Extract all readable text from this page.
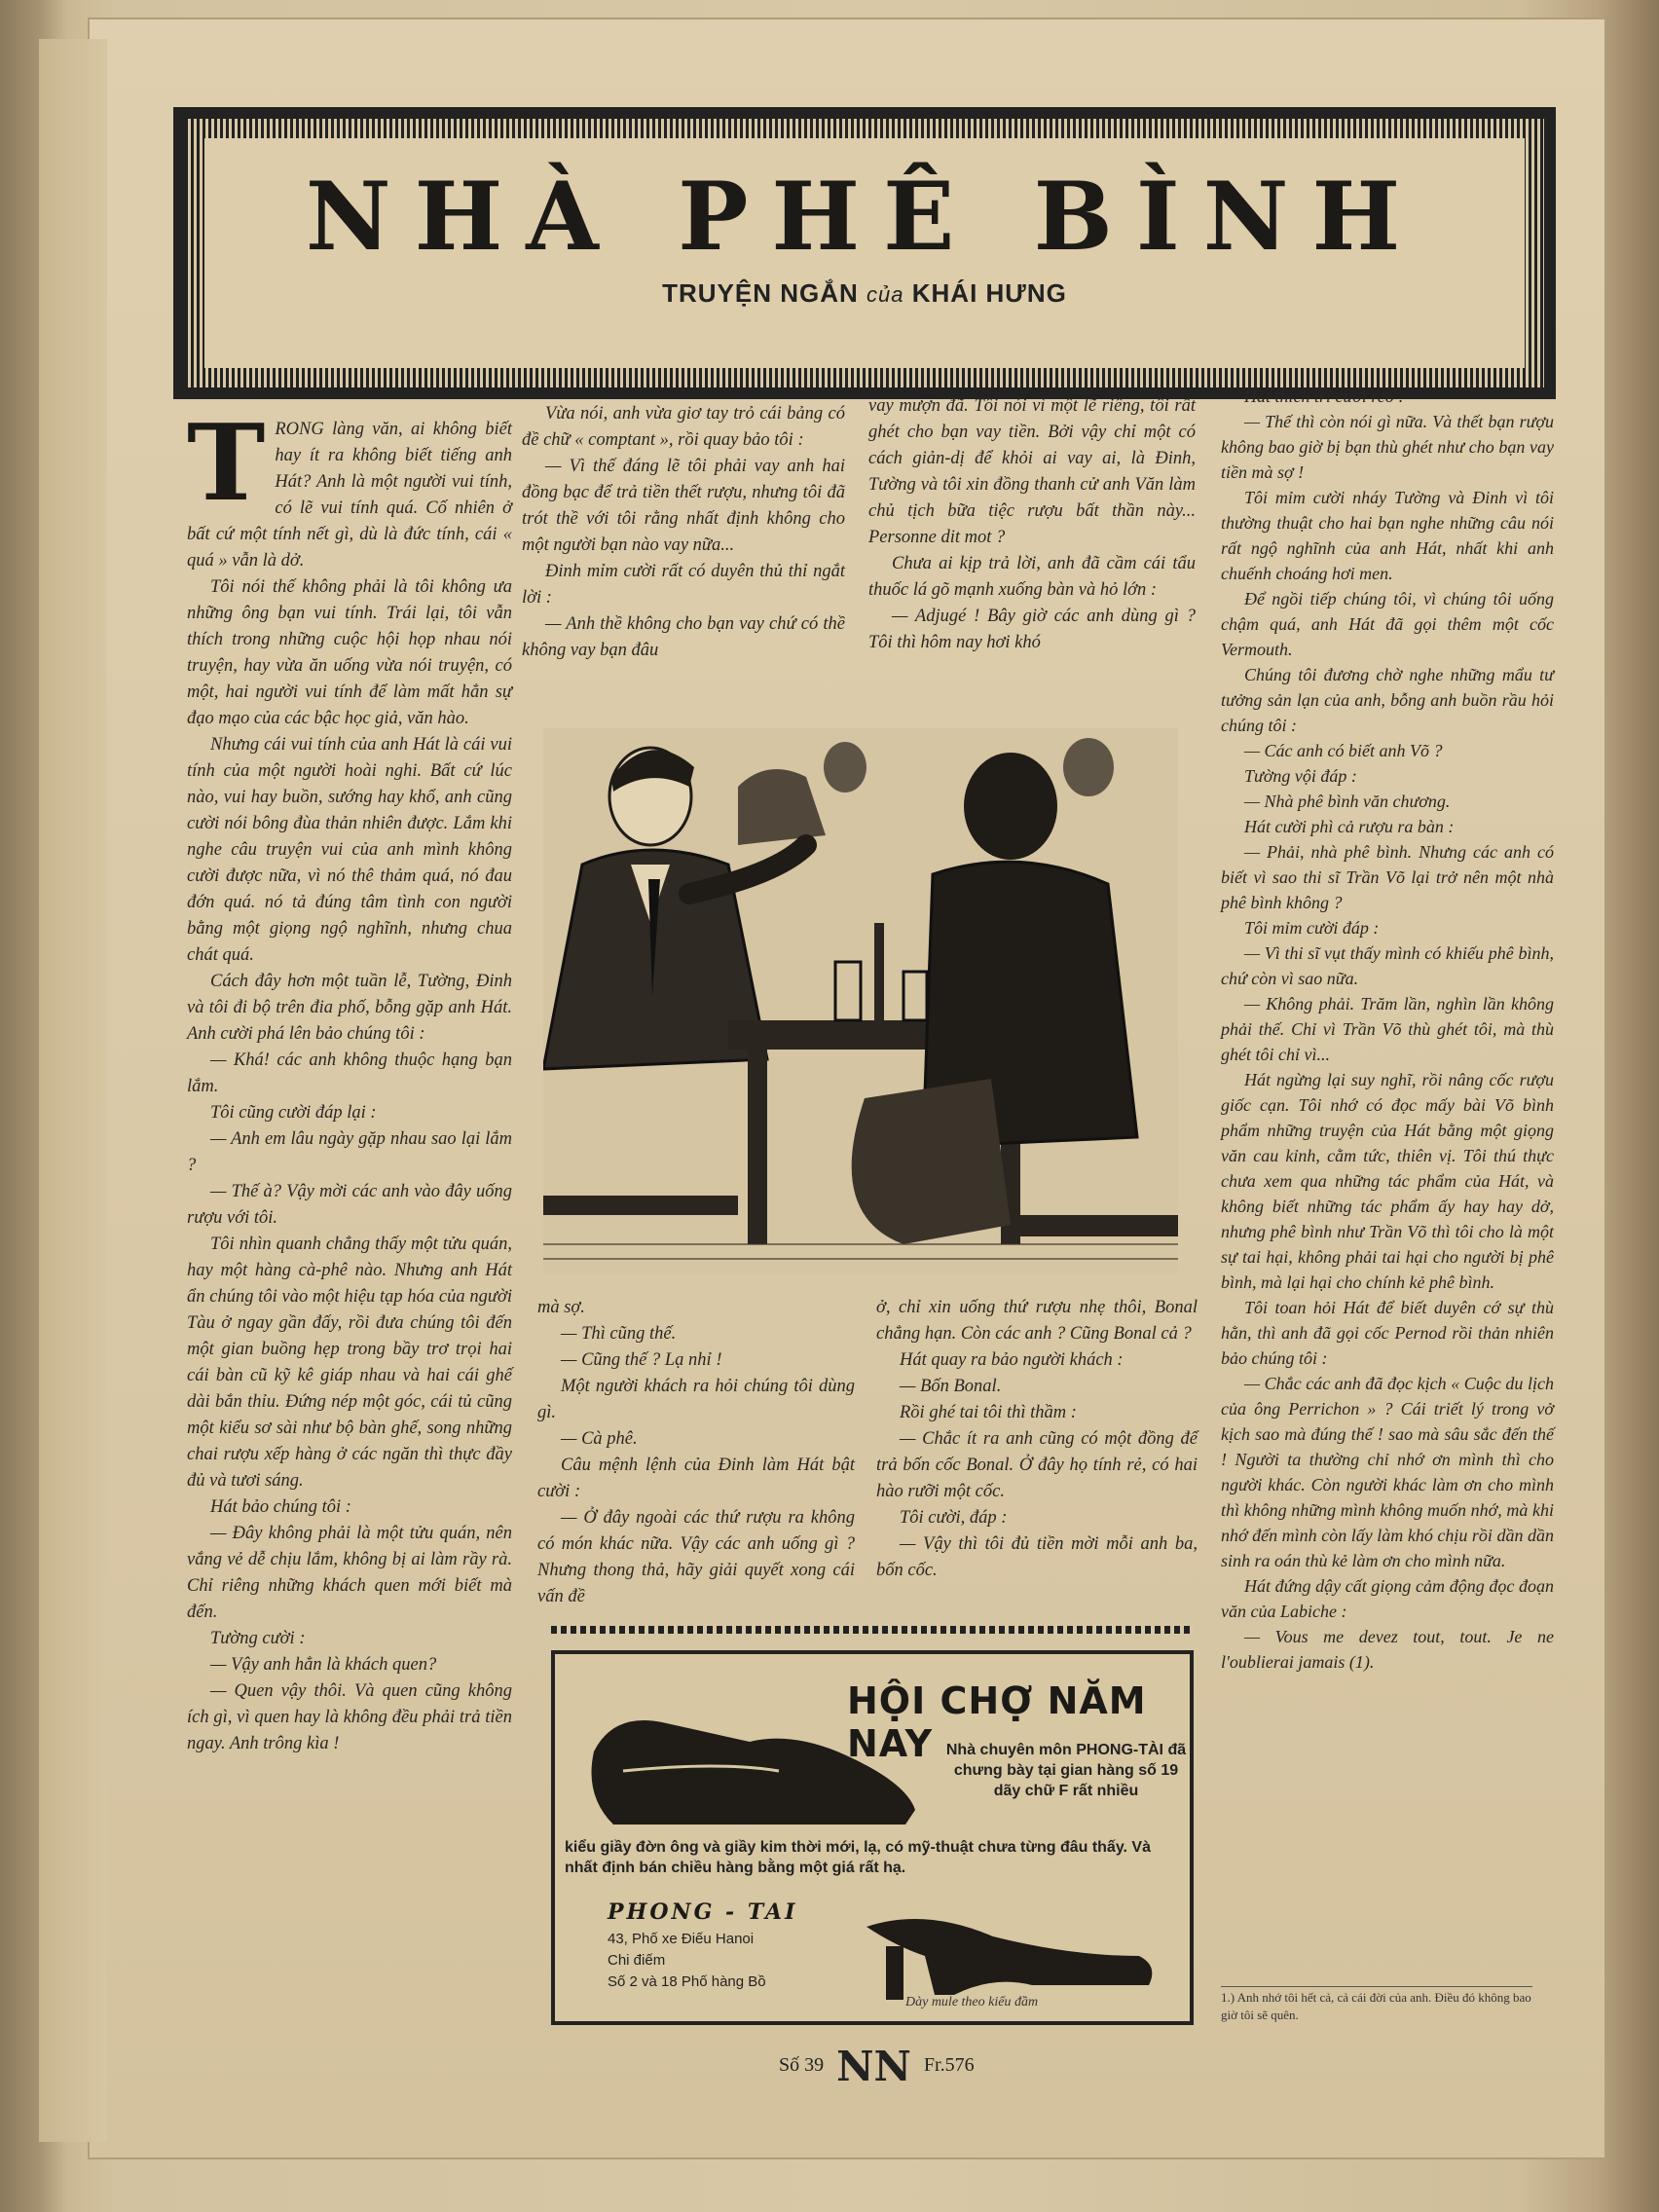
NHÀ PHÊ BÌNH
TRUYỆN NGẮN của KHÁI HƯNG
T RONG làng văn, ai không biết hay ít ra không biết tiếng anh Hát? Anh là một người vui tính, có lẽ vui tính quá. Cố nhiên ở bất cứ một tính nết gì, dù là đức tính, cái « quá » vẫn là dở.

Tôi nói thế không phải là tôi không ưa những ông bạn vui tính. Trái lại, tôi vẫn thích trong những cuộc hội họp nhau nói truyện, hay vừa ăn uống vừa nói truyện, có một, hai người vui tính để làm mất hẳn sự đạo mạo của các bậc học giả, văn hào.

Nhưng cái vui tính của anh Hát là cái vui tính của một người hoài nghi. Bất cứ lúc nào, vui hay buồn, sướng hay khổ, anh cũng cười nói bông đùa thản nhiên được. Lắm khi nghe câu truyện vui của anh mình không cười được nữa, vì nó thê thảm quá, nó đau đớn quá. nó tả đúng tâm tình con người bằng một giọng ngộ nghĩnh, nhưng chua chát quá.

Cách đây hơn một tuần lễ, Tường, Đinh và tôi đi bộ trên đia phố, bỗng gặp anh Hát. Anh cười phá lên bảo chúng tôi :

— Khá! các anh không thuộc hạng bạn lắm.

Tôi cũng cười đáp lại :

— Anh em lâu ngày gặp nhau sao lại lắm ?

— Thế à? Vậy mời các anh vào đây uống rượu với tôi.

Tôi nhìn quanh chẳng thấy một tửu quán, hay một hàng cà-phê nào. Nhưng anh Hát ẩn chúng tôi vào một hiệu tạp hóa của người Tàu ở ngay gần đấy, rồi đưa chúng tôi đến một gian buồng hẹp trong bầy trơ trọi hai cái bàn cũ kỹ kê giáp nhau và hai cái ghế dài bắn thỉu. Đứng nép một góc, cái tủ cũng một kiểu sơ sài như bộ bàn ghế, song những chai rượu xếp hàng ở các ngăn thì thực đầy đủ và tươi sáng.

Hát bảo chúng tôi :

— Đây không phải là một tửu quán, nên vắng vẻ dễ chịu lắm, không bị ai làm rầy rà. Chỉ riêng những khách quen mới biết mà đến.

Tường cười :

— Vậy anh hẳn là khách quen?

— Quen vậy thôi. Và quen cũng không ích gì, vì quen hay là không đều phải trả tiền ngay. Anh trông kìa !

Vừa nói, anh vừa giơ tay trỏ cái bảng có đề chữ « comptant », rồi quay bảo tôi :

— Vì thế đáng lẽ tôi phải vay anh hai đồng bạc để trả tiền thết rượu, nhưng tôi đã trót thề với tôi rằng nhất định không cho một người bạn nào vay nữa...

Đinh mỉm cười rất có duyên thủ thỉ ngắt lời :

— Anh thề không cho bạn vay chứ có thề không vay bạn đâu

vay mượn đã. Tôi nói vì một lẽ riêng, tôi rất ghét cho bạn vay tiền. Bởi vậy chỉ một có cách giản-dị để khỏi ai vay ai, là Đinh, Tường và tôi xin đồng thanh cử anh Văn làm chủ tịch bữa tiệc rượu bất thần này... Personne dit mot ?

Chưa ai kịp trả lời, anh đã cầm cái tẩu thuốc lá gõ mạnh xuống bàn và hỏ lớn :

— Adjugé ! Bây giờ các anh dùng gì ? Tôi thì hôm nay hơi khó

mà sợ.

— Thì cũng thế.

— Cũng thế ? Lạ nhỉ !

Một người khách ra hỏi chúng tôi dùng gì.

— Cà phê.

Câu mệnh lệnh của Đinh làm Hát bật cười :

— Ở đây ngoài các thứ rượu ra không có món khác nữa. Vậy các anh uống gì ? Nhưng thong thả, hãy giải quyết xong cái vấn đề

ở, chỉ xin uống thứ rượu nhẹ thôi, Bonal chẳng hạn. Còn các anh ? Cũng Bonal cả ?

Hát quay ra bảo người khách :

— Bốn Bonal.

Rồi ghé tai tôi thì thầm :

— Chắc ít ra anh cũng có một đồng để trả bốn cốc Bonal. Ở đây họ tính rẻ, có hai hào rưỡi một cốc.

Tôi cười, đáp :

— Vậy thì tôi đủ tiền mời mỗi anh ba, bốn cốc.

Hát thích trí cười reo :

— Thế thì còn nói gì nữa. Và thết bạn rượu không bao giờ bị bạn thù ghét như cho bạn vay tiền mà sợ !

Tôi mỉm cười nháy Tường và Đinh vì tôi thường thuật cho hai bạn nghe những câu nói rất ngộ nghĩnh của anh Hát, nhất khi anh chuếnh choáng hơi men.

Để ngồi tiếp chúng tôi, vì chúng tôi uống chậm quá, anh Hát đã gọi thêm một cốc Vermouth.

Chúng tôi đương chờ nghe những mẩu tư tưởng sản lạn của anh, bỗng anh buồn rầu hỏi chúng tôi :

— Các anh có biết anh Võ ?

Tường vội đáp :

— Nhà phê bình văn chương.

Hát cười phì cả rượu ra bàn :

— Phải, nhà phê bình. Nhưng các anh có biết vì sao thi sĩ Trần Võ lại trở nên một nhà phê bình không ?

Tôi mỉm cười đáp :

— Vì thi sĩ vụt thấy mình có khiếu phê bình, chứ còn vì sao nữa.

— Không phải. Trăm lần, nghìn lần không phải thế. Chỉ vì Trần Võ thù ghét tôi, mà thù ghét tôi chỉ vì...

Hát ngừng lại suy nghĩ, rồi nâng cốc rượu giốc cạn. Tôi nhớ có đọc mấy bài Võ bình phẩm những truyện của Hát bằng một giọng văn cau kỉnh, cằm tức, thiên vị. Tôi thú thực chưa xem qua những tác phẩm của Hát, và không biết những tác phẩm ấy hay hay dở, nhưng phê bình như Trần Võ thì tôi cho là một sự tai hại, không phải tai hại cho người bị phê bình, mà lại hại cho chính kẻ phê bình.

Tôi toan hỏi Hát để biết duyên cớ sự thù hằn, thì anh đã gọi cốc Pernod rồi thản nhiên bảo chúng tôi :

— Chắc các anh đã đọc kịch « Cuộc du lịch của ông Perrichon » ? Cái triết lý trong vở kịch sao mà đúng thế ! sao mà sâu sắc đến thế ! Người ta thường chỉ nhớ ơn mình thì cho người khác. Còn người khác làm ơn cho mình thì không những mình không muốn nhớ, mà khi nhớ đến mình còn lấy làm khó chịu rồi dần dần sinh ra oán thù kẻ làm ơn cho mình nữa.

Hát đứng dậy cất giọng cảm động đọc đoạn văn của Labiche :

— Vous me devez tout, tout. Je ne l'oublierai jamais (1).

1.) Anh nhớ tôi hết cả, cả cái đời của anh. Điều đó không bao giờ tôi sẽ quên.
HỘI CHỢ NĂM NAY Nhà chuyên môn PHONG-TÀI đã chưng bày tại gian hàng số 19 dãy chữ F rất nhiều
kiểu giầy đờn ông và giầy kim thời mới, lạ, có mỹ-thuật chưa từng đâu thấy. Và nhất định bán chiều hàng bằng một giá rất hạ.
PHONG - TAI
43, Phố xe Điếu Hanoi
Chi điếm
Số 2 và 18 Phố hàng Bồ
Dày mule theo kiểu đầm
Số 39 NN Fr.576
